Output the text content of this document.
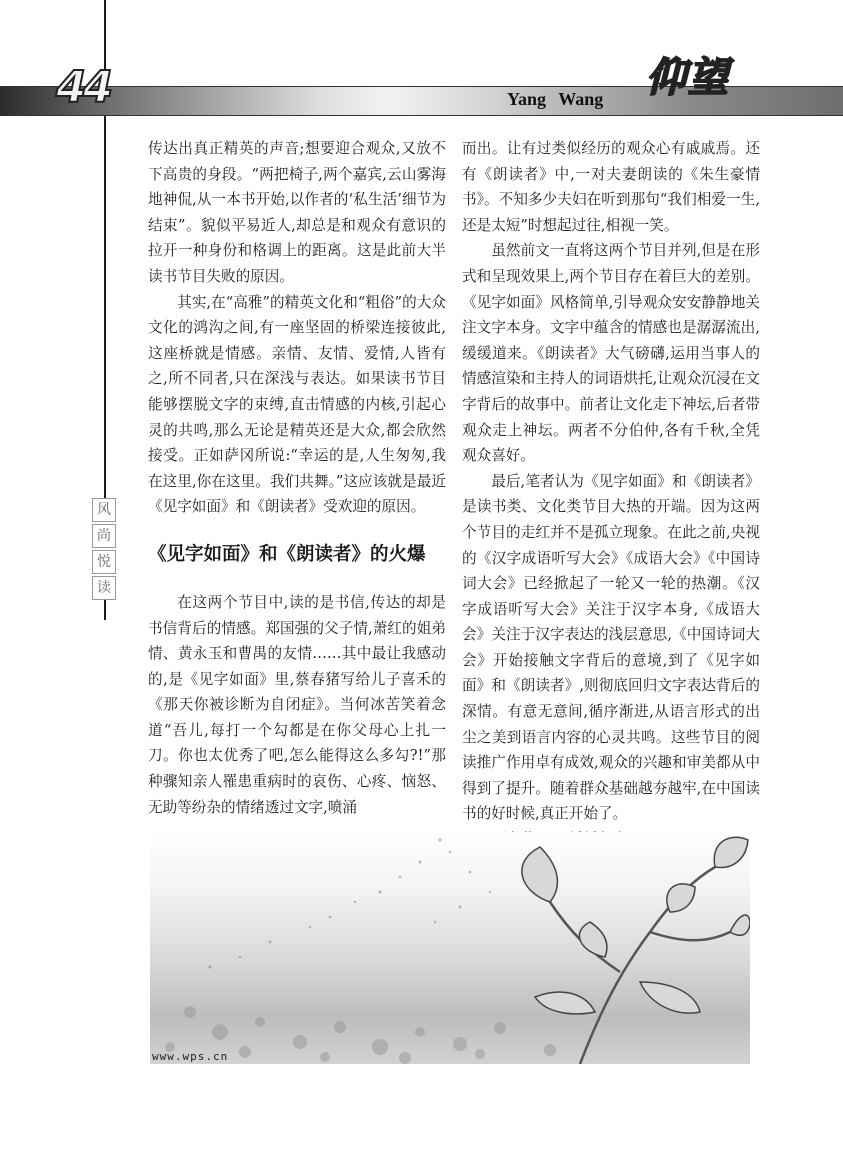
44	Yang Wang 仰望
风
尚
悦
读

传达出真正精英的声音;想要迎合观众,又放不下高贵的身段。“两把椅子,两个嘉宾,云山雾海地神侃,从一本书开始,以作者的‘私生活’细节为结束”。貌似平易近人,却总是和观众有意识的拉开一种身份和格调上的距离。这是此前大半读书节目失败的原因。

其实,在“高雅”的精英文化和“粗俗”的大众文化的鸿沟之间,有一座坚固的桥梁连接彼此,这座桥就是情感。亲情、友情、爱情,人皆有之,所不同者,只在深浅与表达。如果读书节目能够摆脱文字的束缚,直击情感的内核,引起心灵的共鸣,那么无论是精英还是大众,都会欣然接受。正如萨冈所说:“幸运的是,人生匆匆,我在这里,你在这里。我们共舞。”这应该就是最近《见字如面》和《朗读者》受欢迎的原因。

《见字如面》和《朗读者》的火爆

在这两个节目中,读的是书信,传达的却是书信背后的情感。郑国强的父子情,萧红的姐弟情、黄永玉和曹禺的友情……其中最让我感动的,是《见字如面》里,蔡春猪写给儿子喜禾的《那天你被诊断为自闭症》。当何冰苦笑着念道“吾儿,每打一个勾都是在你父母心上扎一刀。你也太优秀了吧,怎么能得这么多勾?!”那种骤知亲人罹患重病时的哀伤、心疼、恼怒、无助等纷杂的情绪透过文字,喷涌

而出。让有过类似经历的观众心有戚戚焉。还有《朗读者》中,一对夫妻朗读的《朱生豪情书》。不知多少夫妇在听到那句“我们相爱一生,还是太短”时想起过往,相视一笑。

虽然前文一直将这两个节目并列,但是在形式和呈现效果上,两个节目存在着巨大的差别。《见字如面》风格简单,引导观众安安静静地关注文字本身。文字中蕴含的情感也是潺潺流出,缓缓道来。《朗读者》大气磅礴,运用当事人的情感渲染和主持人的词语烘托,让观众沉浸在文字背后的故事中。前者让文化走下神坛,后者带观众走上神坛。两者不分伯仲,各有千秋,全凭观众喜好。

最后,笔者认为《见字如面》和《朗读者》是读书类、文化类节目大热的开端。因为这两个节目的走红并不是孤立现象。在此之前,央视的《汉字成语听写大会》《成语大会》《中国诗词大会》已经掀起了一轮又一轮的热潮。《汉字成语听写大会》关注于汉字本身,《成语大会》关注于汉字表达的浅层意思,《中国诗词大会》开始接触文字背后的意境,到了《见字如面》和《朗读者》,则彻底回归文字表达背后的深情。有意无意间,循序渐进,从语言形式的出尘之美到语言内容的心灵共鸣。这些节目的阅读推广作用卓有成效,观众的兴趣和审美都从中得到了提升。随着群众基础越夯越牢,在中国读书的好时候,真正开始了。

www.wps.cn
